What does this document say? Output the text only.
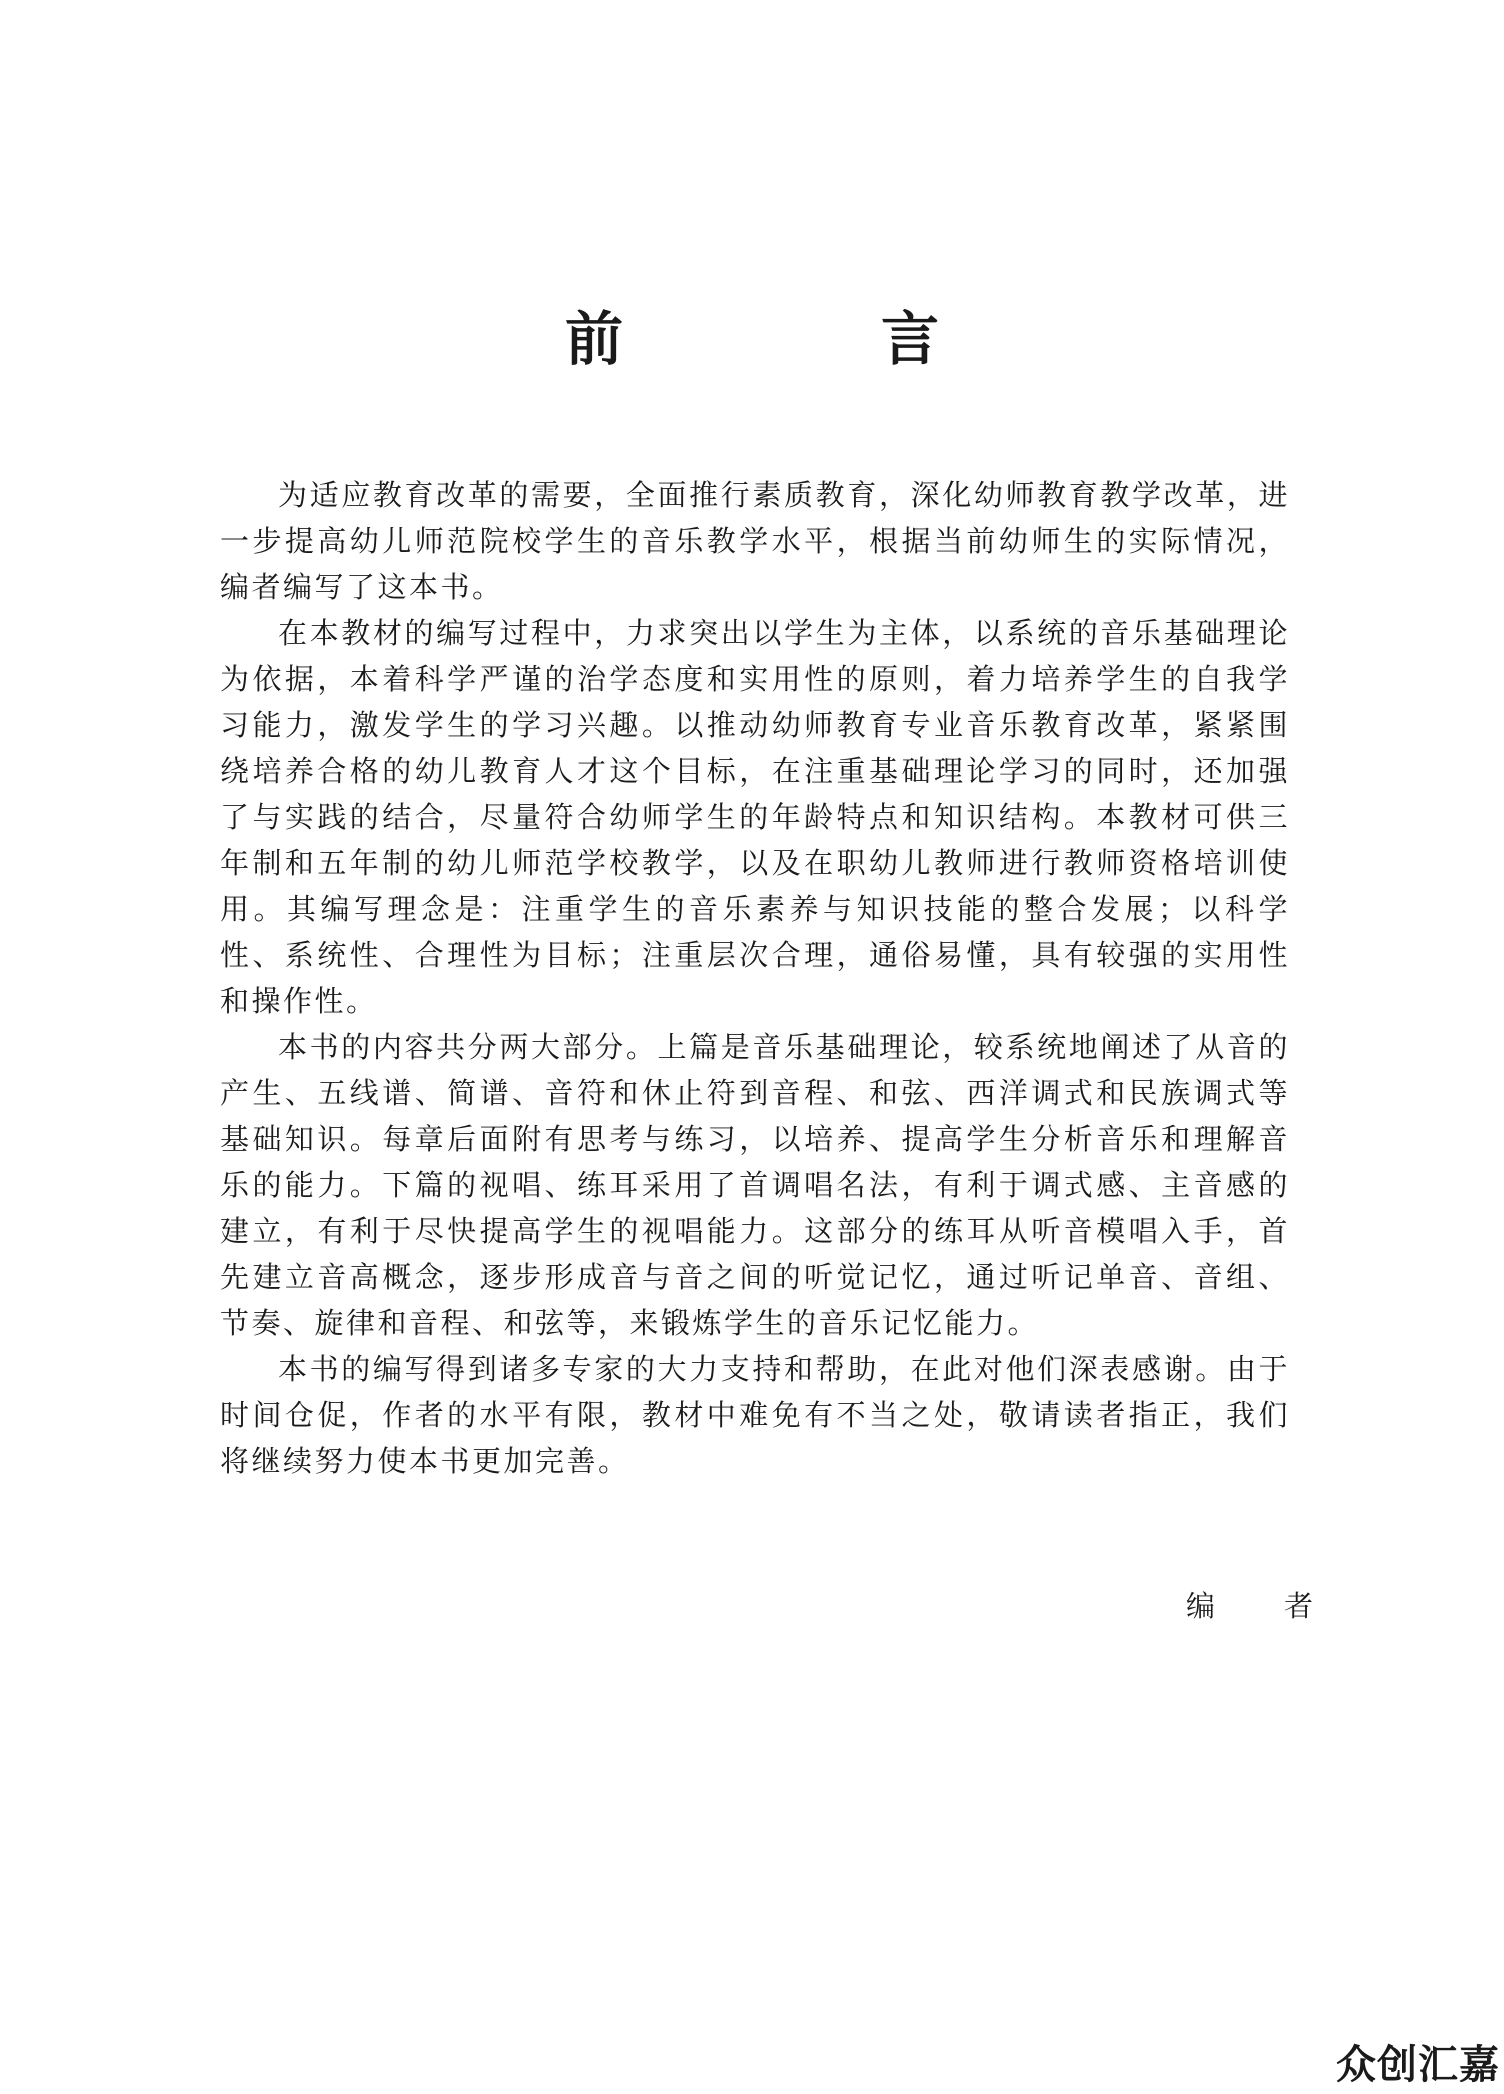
前　言

为适应教育改革的需要，全面推行素质教育，深化幼师教育教学改革，进一步提高幼儿师范院校学生的音乐教学水平，根据当前幼师生的实际情况，编者编写了这本书。

在本教材的编写过程中，力求突出以学生为主体，以系统的音乐基础理论为依据，本着科学严谨的治学态度和实用性的原则，着力培养学生的自我学习能力，激发学生的学习兴趣。以推动幼师教育专业音乐教育改革，紧紧围绕培养合格的幼儿教育人才这个目标，在注重基础理论学习的同时，还加强了与实践的结合，尽量符合幼师学生的年龄特点和知识结构。本教材可供三年制和五年制的幼儿师范学校教学，以及在职幼儿教师进行教师资格培训使用。其编写理念是：注重学生的音乐素养与知识技能的整合发展；以科学性、系统性、合理性为目标；注重层次合理，通俗易懂，具有较强的实用性和操作性。

本书的内容共分两大部分。上篇是音乐基础理论，较系统地阐述了从音的产生、五线谱、简谱、音符和休止符到音程、和弦、西洋调式和民族调式等基础知识。每章后面附有思考与练习，以培养、提高学生分析音乐和理解音乐的能力。下篇的视唱、练耳采用了首调唱名法，有利于调式感、主音感的建立，有利于尽快提高学生的视唱能力。这部分的练耳从听音模唱入手，首先建立音高概念，逐步形成音与音之间的听觉记忆，通过听记单音、音组、节奏、旋律和音程、和弦等，来锻炼学生的音乐记忆能力。

本书的编写得到诸多专家的大力支持和帮助，在此对他们深表感谢。由于时间仓促，作者的水平有限，教材中难免有不当之处，敬请读者指正，我们将继续努力使本书更加完善。

编　者
众创汇嘉
